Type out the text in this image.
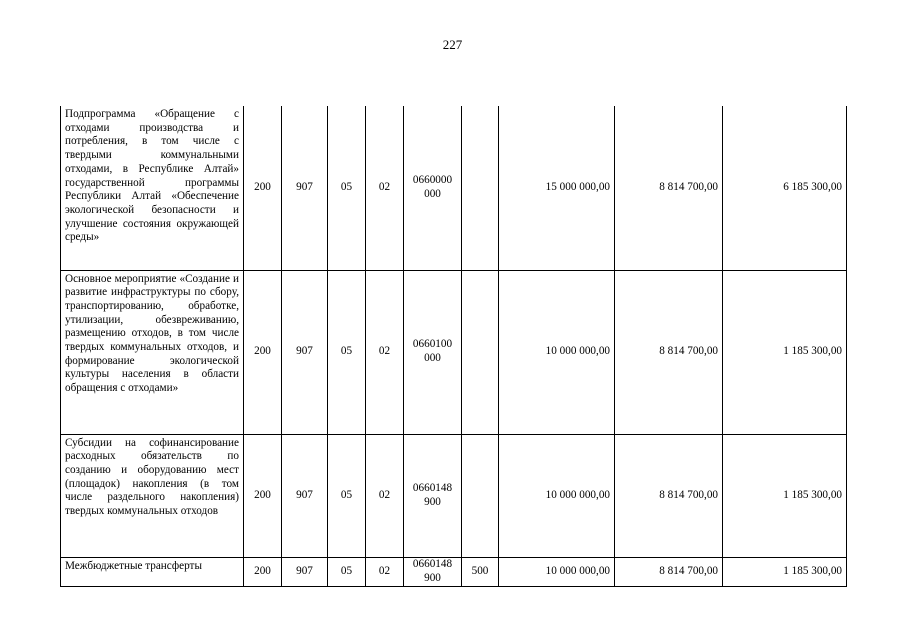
227
Подпрограмма «Обращение с отходами производства и потребления, в том числе с твердыми коммунальными отходами, в Республике Алтай» государственной программы Республики Алтай «Обеспечение экологической безопасности и улучшение состояния окружающей среды»	200	907	05	02	0660000 000		15 000 000,00	8 814 700,00	6 185 300,00
Основное мероприятие «Создание и развитие инфраструктуры по сбору, транспортированию, обработке, утилизации, обезвреживанию, размещению отходов, в том числе твердых коммунальных отходов, и формирование экологической культуры населения в области обращения с отходами»	200	907	05	02	0660100 000		10 000 000,00	8 814 700,00	1 185 300,00
Субсидии на софинансирование расходных обязательств по созданию и оборудованию мест (площадок) накопления (в том числе раздельного накопления) твердых коммунальных отходов	200	907	05	02	0660148 900		10 000 000,00	8 814 700,00	1 185 300,00
Межбюджетные трансферты	200	907	05	02	0660148 900	500	10 000 000,00	8 814 700,00	1 185 300,00
